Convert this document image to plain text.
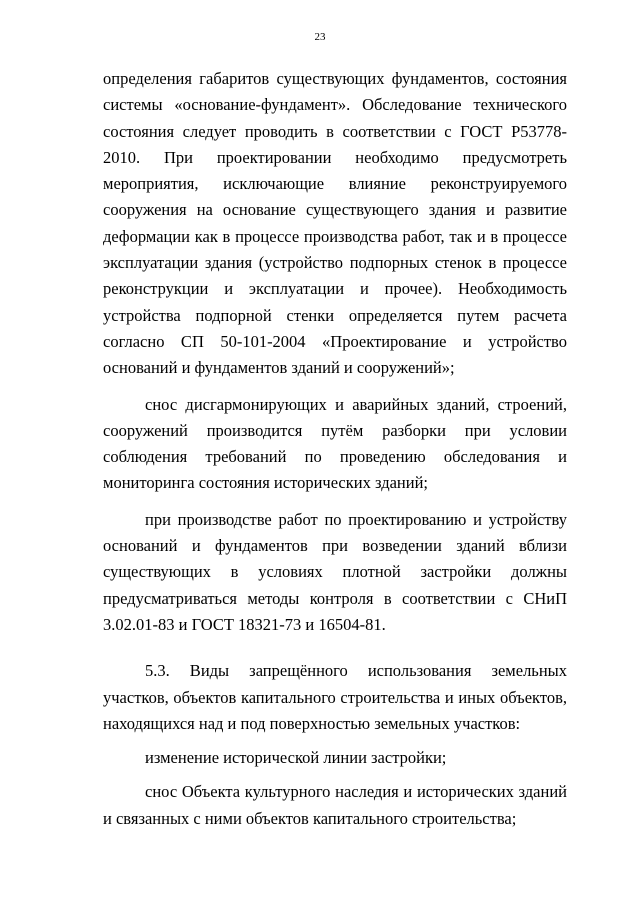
23

определения габаритов существующих фундаментов, состояния системы «основание-фундамент». Обследование технического состояния следует проводить в соответствии с ГОСТ Р53778-2010. При проектировании необходимо предусмотреть мероприятия, исключающие влияние реконструируемого сооружения на основание существующего здания и развитие деформации как в процессе производства работ, так и в процессе эксплуатации здания (устройство подпорных стенок в процессе реконструкции и эксплуатации и прочее). Необходимость устройства подпорной стенки определяется путем расчета согласно СП 50-101-2004 «Проектирование и устройство оснований и фундаментов зданий и сооружений»;

снос дисгармонирующих и аварийных зданий, строений, сооружений производится путём разборки при условии соблюдения требований по проведению обследования и мониторинга состояния исторических зданий;

при производстве работ по проектированию и устройству оснований и фундаментов при возведении зданий вблизи существующих в условиях плотной застройки должны предусматриваться методы контроля в соответствии с СНиП 3.02.01-83 и ГОСТ 18321-73 и 16504-81.

5.3. Виды запрещённого использования земельных участков, объектов капитального строительства и иных объектов, находящихся над и под поверхностью земельных участков:

изменение исторической линии застройки;

снос Объекта культурного наследия и исторических зданий и связанных с ними объектов капитального строительства;
